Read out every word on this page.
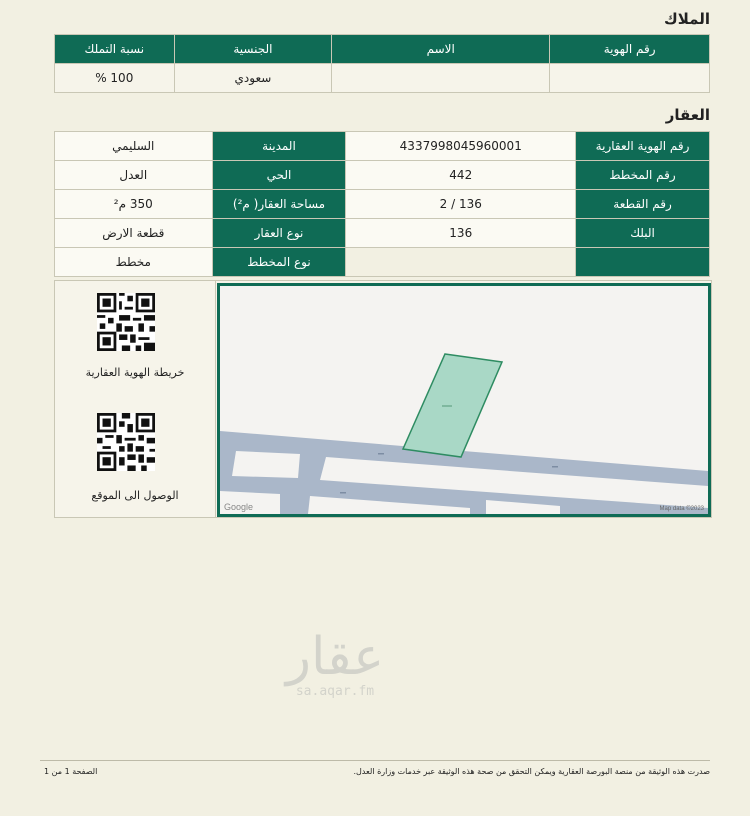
الملاك
نسبة التملك	الجنسية	الاسم	رقم الهوية
100 %	سعودي		
العقار
السليمي	المدينة	4337998045960001	رقم الهوية العقارية
العدل	الحي	442	رقم المخطط
350 م²	مساحة العقار( م²)	2 / 136	رقم القطعة
قطعة الارض	نوع العقار	136	البلك
مخطط	نوع المخطط		
خريطة الهوية العقارية
الوصول الى الموقع
Google	Map data ©2023
عقار
sa.aqar.fm
صدرت هذه الوثيقة من منصة البورصة العقارية ويمكن التحقق من صحة هذه الوثيقة عبر خدمات وزارة العدل.
الصفحة 1 من 1
